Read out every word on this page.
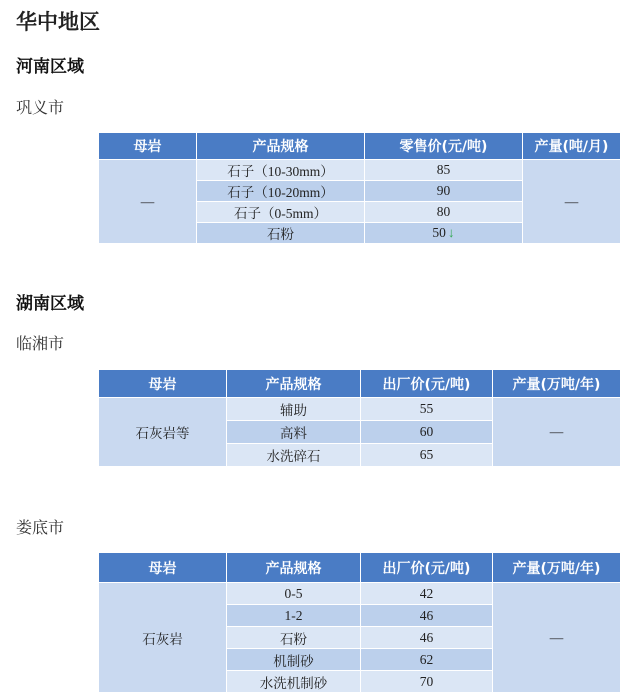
华中地区
河南区域
巩义市
母岩	产品规格	零售价(元/吨)	产量(吨/月)
—	石子（10-30mm）	85	—
	石子（10-20mm）	90	
	石子（0-5mm）	80	
	石粉	50 ↓	
湖南区域
临湘市
母岩	产品规格	出厂价(元/吨)	产量(万吨/年)
石灰岩等	辅助	55	—
	高料	60	
	水洗碎石	65	
娄底市
母岩	产品规格	出厂价(元/吨)	产量(万吨/年)
石灰岩	0-5	42	—
	1-2	46	
	石粉	46	
	机制砂	62	
	水洗机制砂	70	
